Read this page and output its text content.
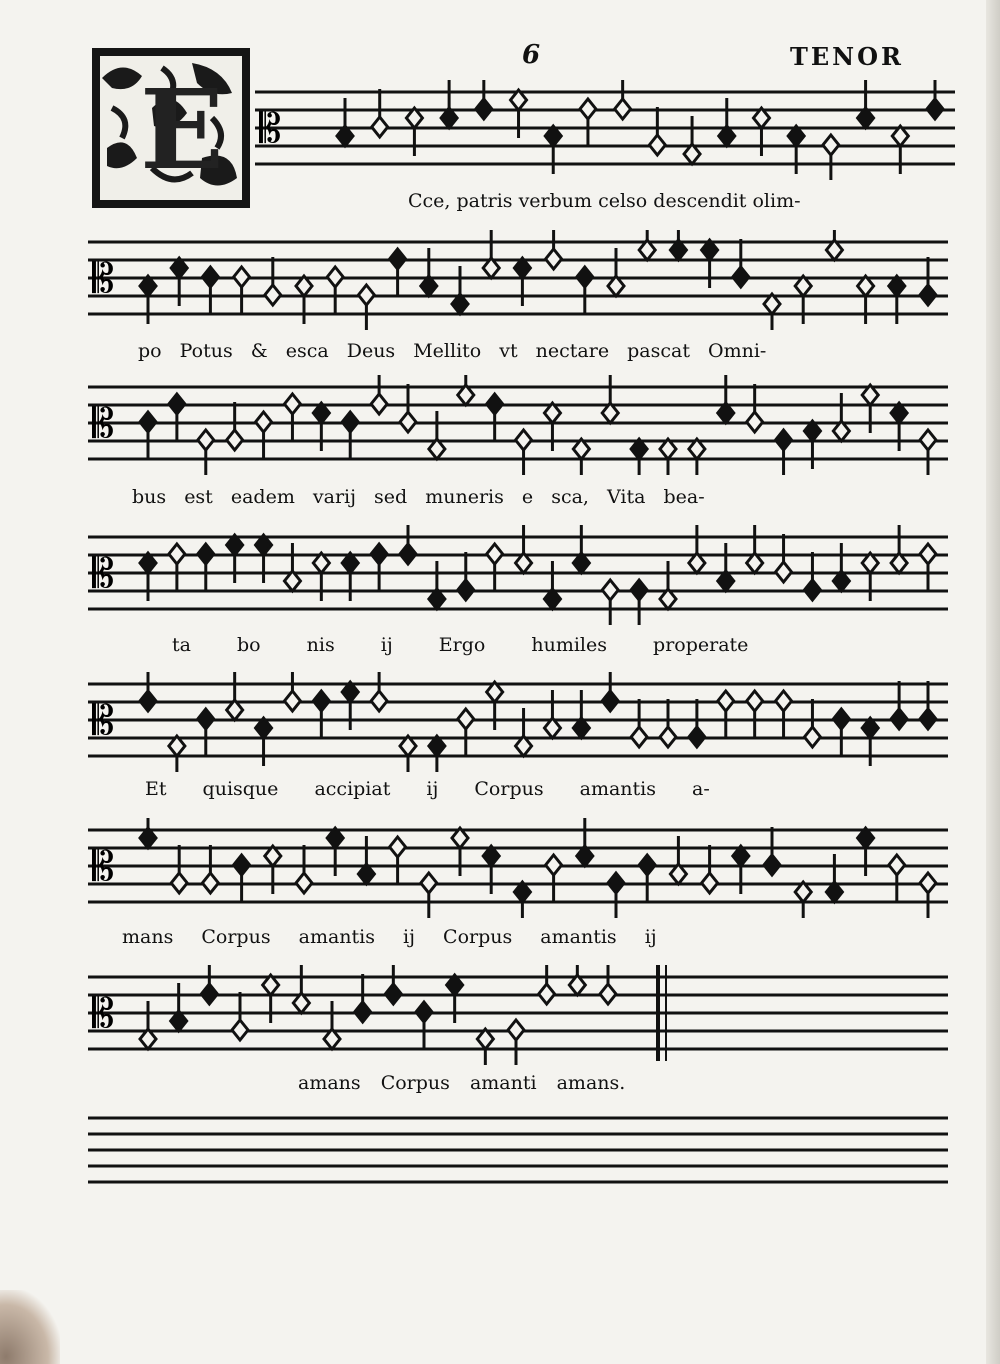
6	TENOR
E 𝄡
Cce, patris verbum celso descendit olim-
𝄡
po Potus & esca Deus Mellito vt nectare pascat Omni-
𝄡
bus est eadem varij sed muneris e sca, Vita bea-
𝄡
ta bo nis ij Ergo humiles properate
𝄡
Et quisque accipiat ij Corpus amantis a-
𝄡
mans Corpus amantis ij Corpus amantis ij
𝄡
amans Corpus amanti amans.
